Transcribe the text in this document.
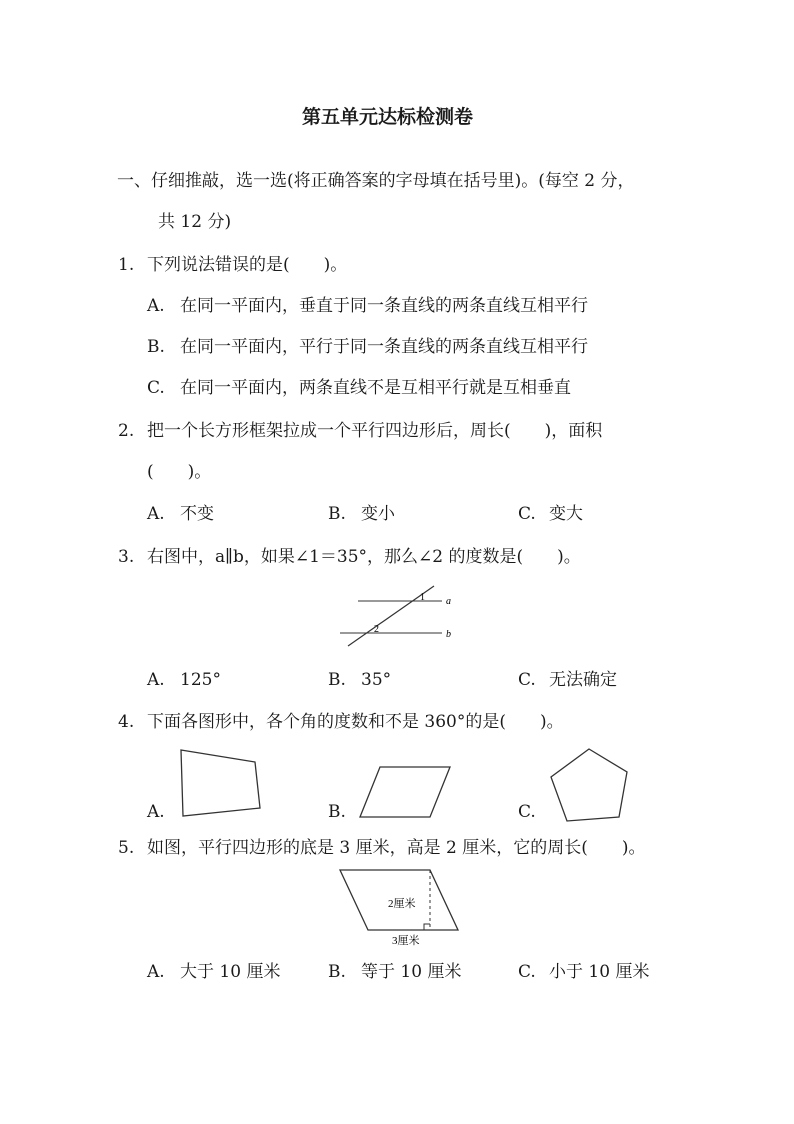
第五单元达标检测卷
一、仔细推敲，选一选(将正确答案的字母填在括号里)。(每空 2 分，
共 12 分)
1. 下列说法错误的是(　　)。
A. 在同一平面内，垂直于同一条直线的两条直线互相平行
B. 在同一平面内，平行于同一条直线的两条直线互相平行
C. 在同一平面内，两条直线不是互相平行就是互相垂直
2. 把一个长方形框架拉成一个平行四边形后，周长(　　)，面积
(　　)。
A. 不变	B. 变小	C. 变大
3. 右图中，a∥b，如果∠1＝35°，那么∠2 的度数是(　　)。
a
b
1
2
A. 125°	B. 35°	C. 无法确定
4. 下面各图形中，各个角的度数和不是 360°的是(　　)。
A.	B.	C.
5. 如图，平行四边形的底是 3 厘米，高是 2 厘米，它的周长(　　)。
2厘米
3厘米
A. 大于 10 厘米	B. 等于 10 厘米	C. 小于 10 厘米
